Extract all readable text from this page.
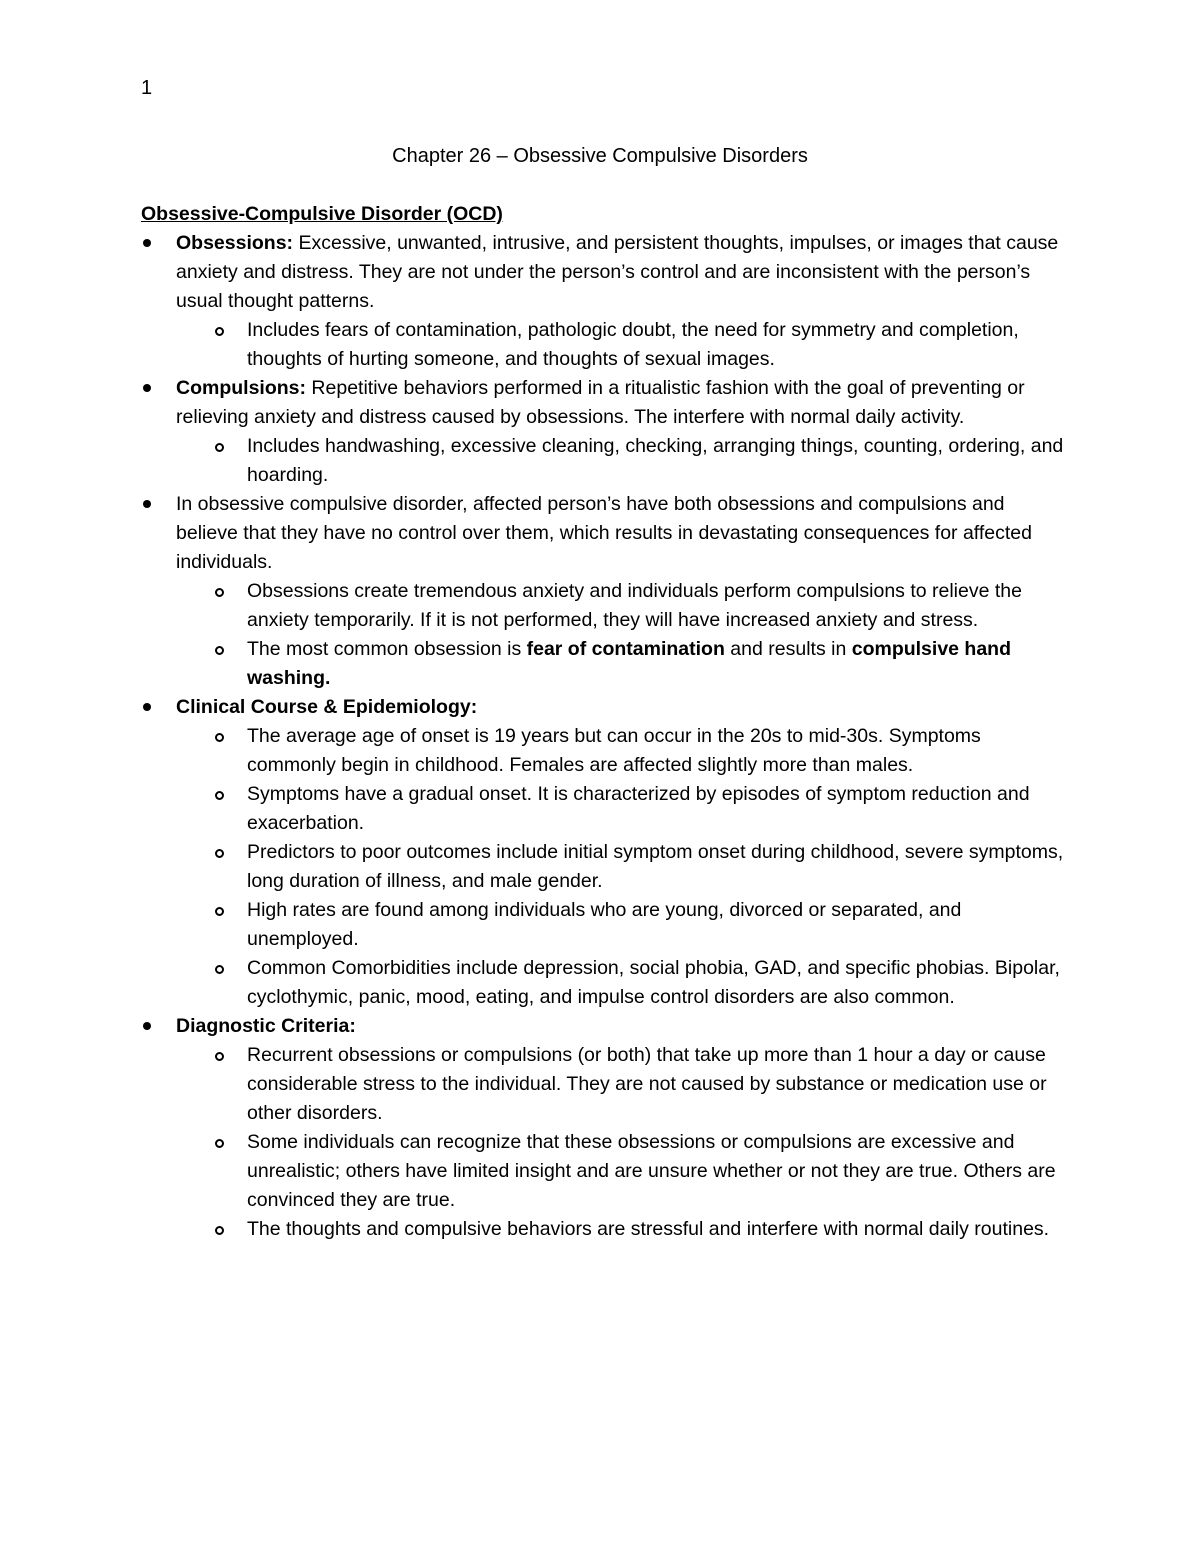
1
Chapter 26 – Obsessive Compulsive Disorders

Obsessive-Compulsive Disorder (OCD)

Obsessions: Excessive, unwanted, intrusive, and persistent thoughts, impulses, or images that cause anxiety and distress. They are not under the person’s control and are inconsistent with the person’s usual thought patterns.
Includes fears of contamination, pathologic doubt, the need for symmetry and completion, thoughts of hurting someone, and thoughts of sexual images.
Compulsions: Repetitive behaviors performed in a ritualistic fashion with the goal of preventing or relieving anxiety and distress caused by obsessions. The interfere with normal daily activity.
Includes handwashing, excessive cleaning, checking, arranging things, counting, ordering, and hoarding.
In obsessive compulsive disorder, affected person’s have both obsessions and compulsions and believe that they have no control over them, which results in devastating consequences for affected individuals.
Obsessions create tremendous anxiety and individuals perform compulsions to relieve the anxiety temporarily. If it is not performed, they will have increased anxiety and stress.
The most common obsession is fear of contamination and results in compulsive hand washing.
Clinical Course & Epidemiology:
The average age of onset is 19 years but can occur in the 20s to mid-30s. Symptoms commonly begin in childhood. Females are affected slightly more than males.
Symptoms have a gradual onset. It is characterized by episodes of symptom reduction and exacerbation.
Predictors to poor outcomes include initial symptom onset during childhood, severe symptoms, long duration of illness, and male gender.
High rates are found among individuals who are young, divorced or separated, and unemployed.
Common Comorbidities include depression, social phobia, GAD, and specific phobias. Bipolar, cyclothymic, panic, mood, eating, and impulse control disorders are also common.
Diagnostic Criteria:
Recurrent obsessions or compulsions (or both) that take up more than 1 hour a day or cause considerable stress to the individual. They are not caused by substance or medication use or other disorders.
Some individuals can recognize that these obsessions or compulsions are excessive and unrealistic; others have limited insight and are unsure whether or not they are true. Others are convinced they are true.
The thoughts and compulsive behaviors are stressful and interfere with normal daily routines.
